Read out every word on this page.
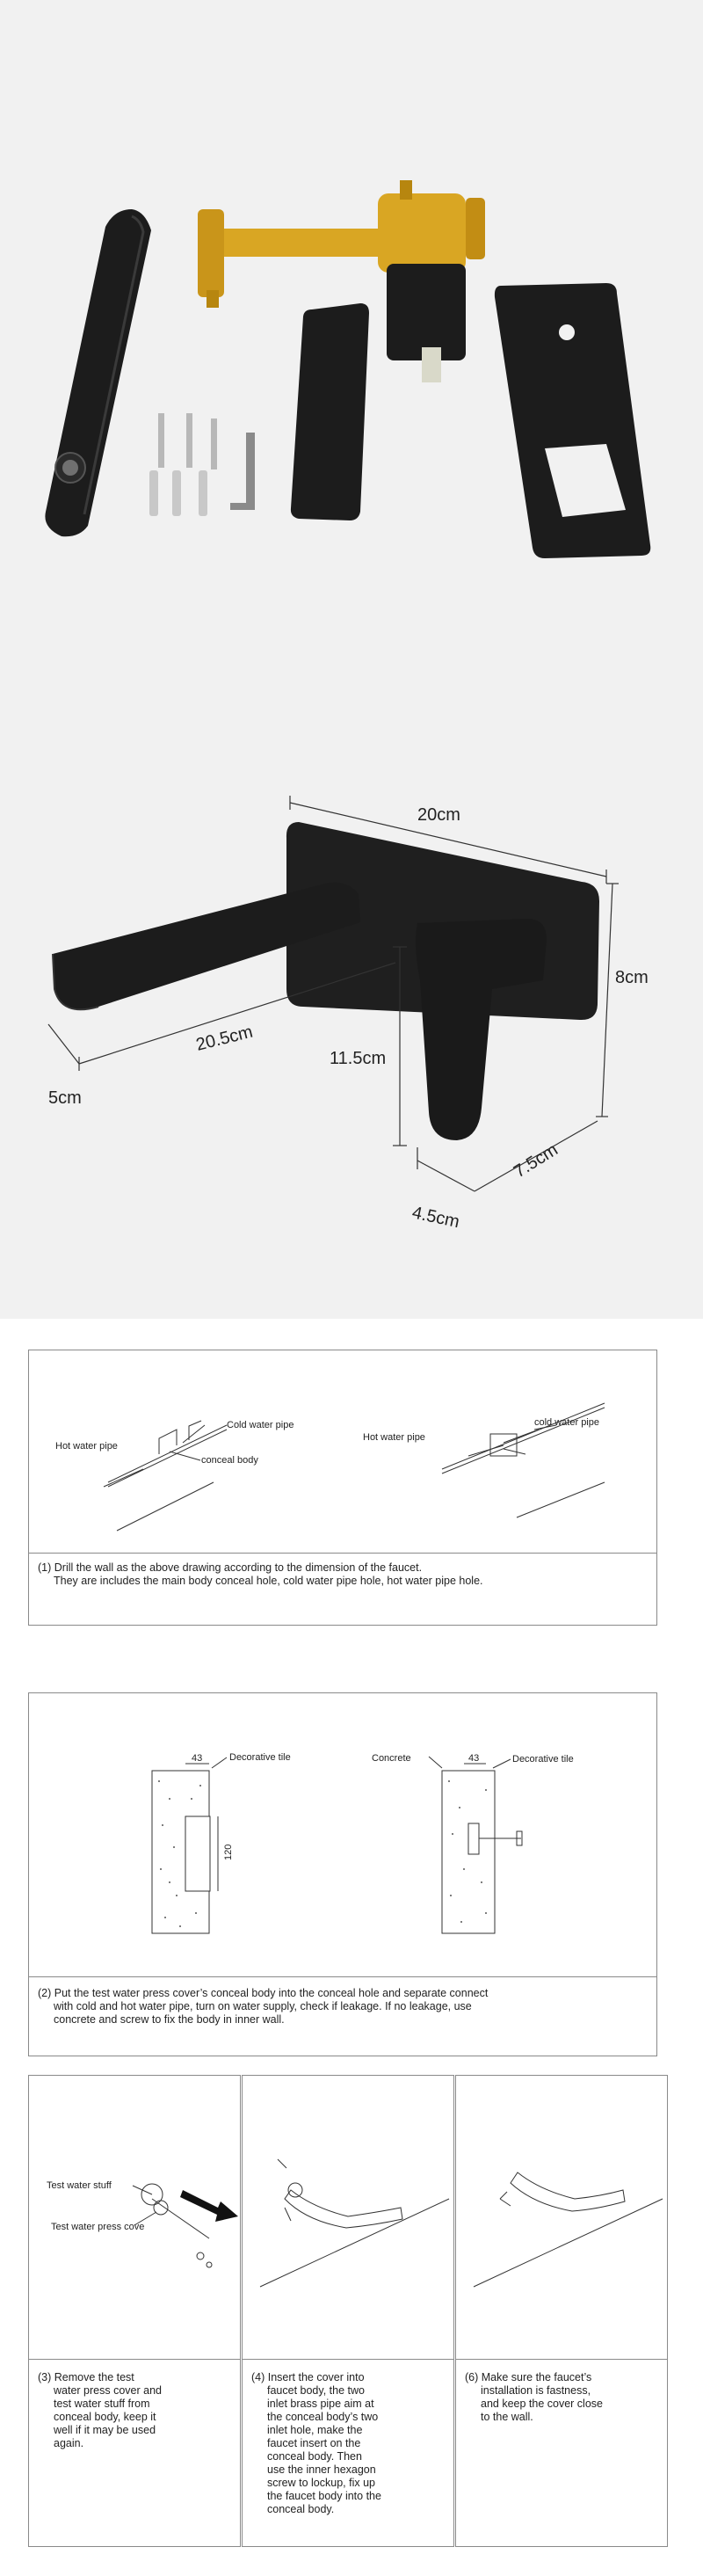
20cm
8cm
20.5cm
5cm
11.5cm
7.5cm
4.5cm
Cold water pipe
Hot water pipe
conceal body
Hot water pipe
cold water pipe
(1) Drill the wall as the above drawing according to the dimension of the faucet.
They are includes the main body conceal hole, cold water pipe hole, hot water pipe hole.
43	Decorative tile
120
Concrete	43	Decorative tile
(2) Put the test water press cover’s conceal body into the conceal hole and separate connect
with cold and hot water pipe, turn on water supply, check if leakage. If no leakage, use
concrete and screw to fix the body in inner wall.
Test water stuff
Test water press cove
(3) Remove the test
water press cover and
test water stuff from
conceal body, keep it
well if it may be used
again.
(4) Insert the cover into
faucet body, the two
inlet brass pipe aim at
the conceal body’s two
inlet hole, make the
faucet insert on the
conceal body. Then
use the inner hexagon
screw to lockup, fix up
the faucet body into the
conceal body.
(6) Make sure the faucet’s
installation is fastness,
and keep the cover close
to the wall.
